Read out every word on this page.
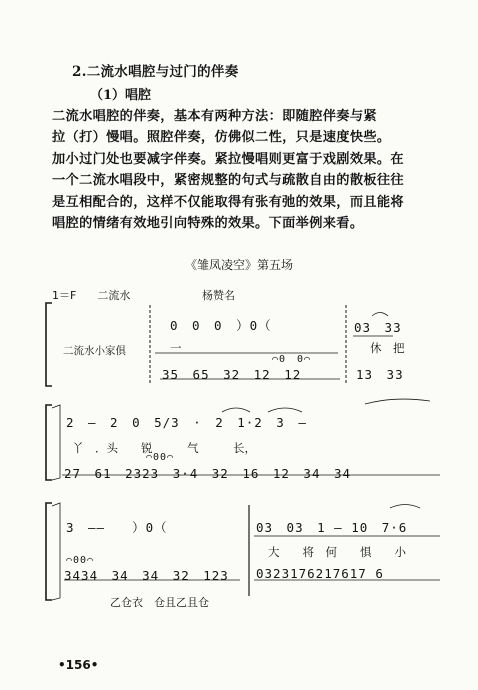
2.二流水唱腔与过门的伴奏
（1）唱腔
二流水唱腔的伴奏，基本有两种方法：即随腔伴奏与紧
拉（打）慢唱。照腔伴奏，仿佛似二性，只是速度快些。
加小过门处也要减字伴奏。紧拉慢唱则更富于戏剧效果。在
一个二流水唱段中，紧密规整的句式与疏散自由的散板往往
是互相配合的，这样不仅能取得有张有弛的效果，而且能将
唱腔的情绪有效地引向特殊的效果。下面举例来看。
《雏凤凌空》第五场
1＝F 二流水	杨赞名
二流水小家俱
0　0　0　）0（	03　33
一	休　把
⌒0　0⌒
35　65　32　12　12	13　33
2　—　2　0　5/3　·　2　1·2　3　—
丫　．头　　锐　　　气　　　长，
⌒00⌒
27　61　2323　3·4　32　16　12　34　34
3　——　　）0（	03　03　1 — 10　7·6
大　　将　何　　惧　　小
⌒00⌒
3434　34　34　32　123 0323176217617 6
乙仓衣　仓且乙且仓
•156•
